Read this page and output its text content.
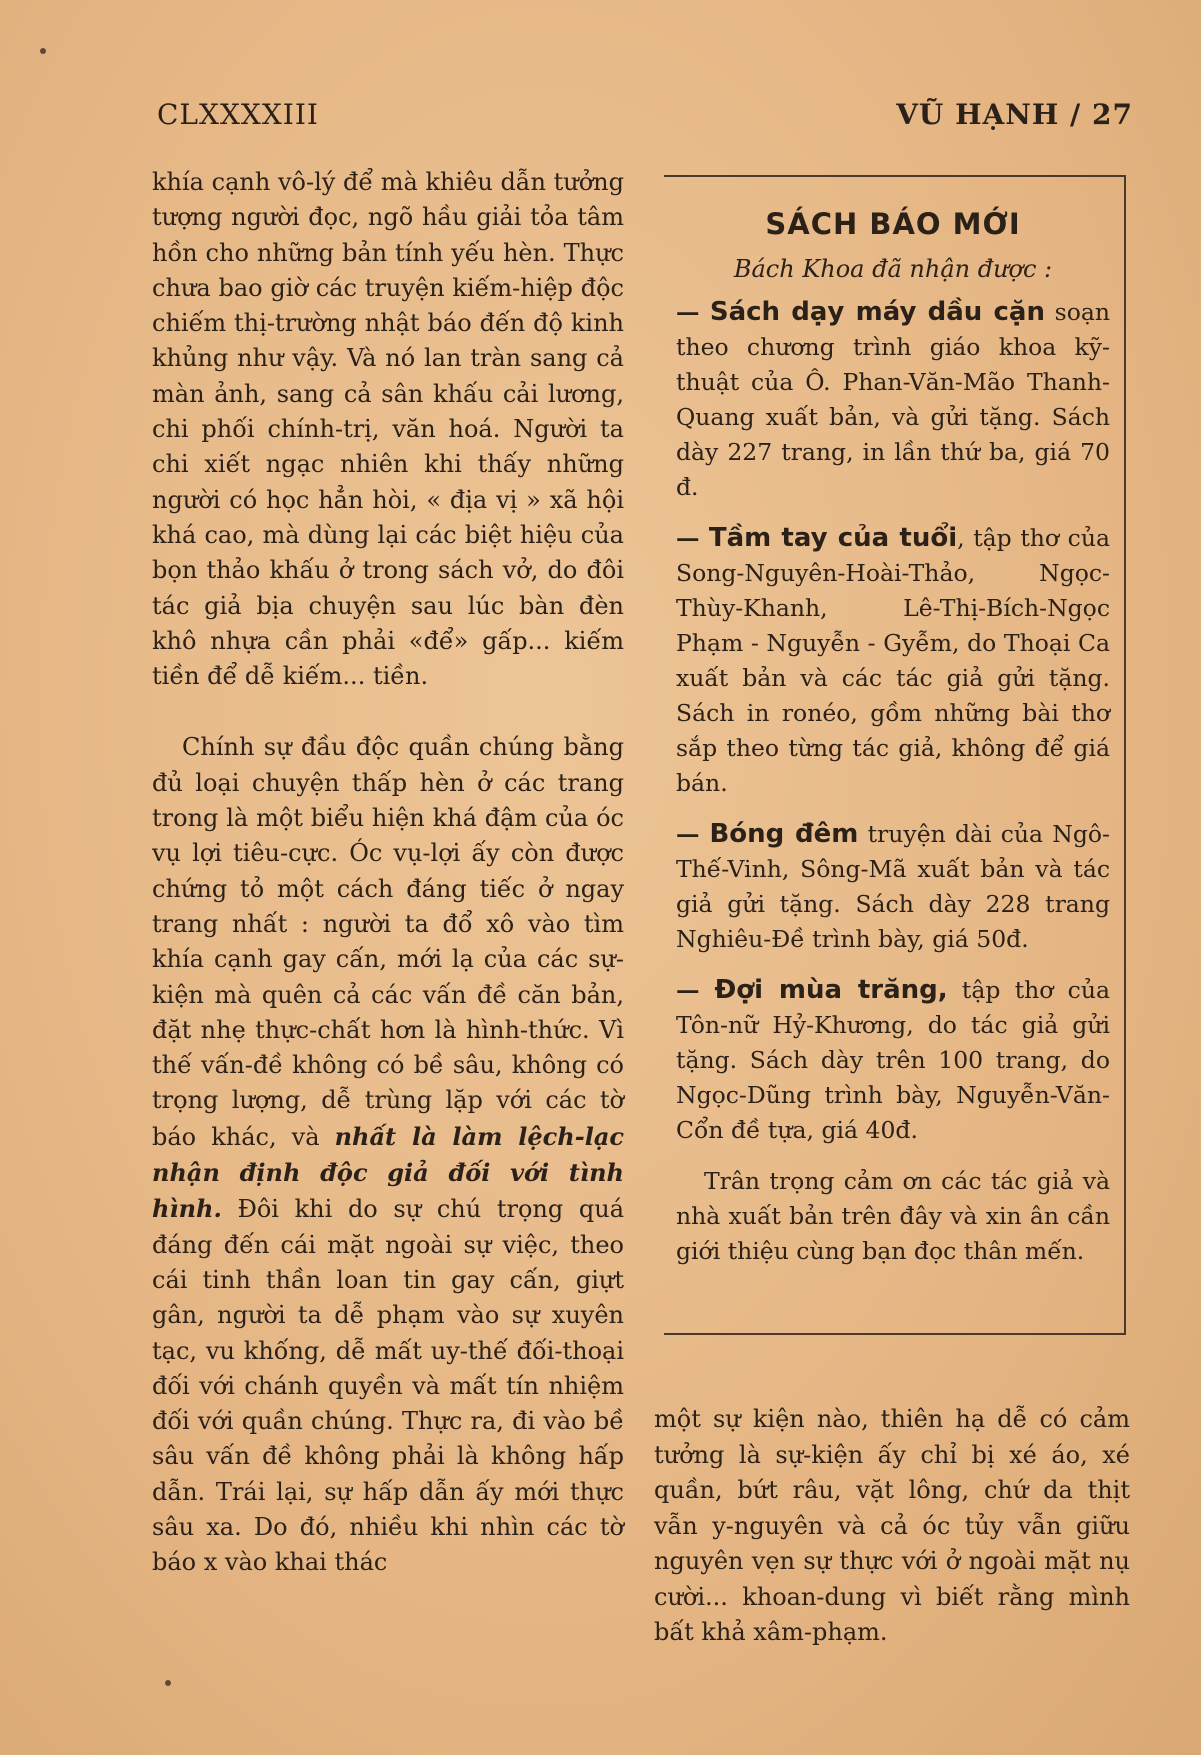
CLXXXXIII	VŨ HẠNH / 27

khía cạnh vô-lý để mà khiêu dẫn tưởng tượng người đọc, ngõ hầu giải tỏa tâm hồn cho những bản tính yếu hèn. Thực chưa bao giờ các truyện kiếm-hiệp độc chiếm thị-trường nhật báo đến độ kinh khủng như vậy. Và nó lan tràn sang cả màn ảnh, sang cả sân khấu cải lương, chi phối chính-trị, văn hoá. Người ta chi xiết ngạc nhiên khi thấy những người có học hẳn hòi, « địa vị » xã hội khá cao, mà dùng lại các biệt hiệu của bọn thảo khấu ở trong sách vở, do đôi tác giả bịa chuyện sau lúc bàn đèn khô nhựa cần phải «để» gấp... kiếm tiền để dễ kiếm... tiền.

Chính sự đầu độc quần chúng bằng đủ loại chuyện thấp hèn ở các trang trong là một biểu hiện khá đậm của óc vụ lợi tiêu-cực. Óc vụ-lợi ấy còn được chứng tỏ một cách đáng tiếc ở ngay trang nhất : người ta đổ xô vào tìm khía cạnh gay cấn, mới lạ của các sự-kiện mà quên cả các vấn đề căn bản, đặt nhẹ thực-chất hơn là hình-thức. Vì thế vấn-đề không có bề sâu, không có trọng lượng, dễ trùng lặp với các tờ báo khác, và nhất là làm lệch-lạc nhận định độc giả đối với tình hình. Đôi khi do sự chú trọng quá đáng đến cái mặt ngoài sự việc, theo cái tinh thần loan tin gay cấn, giựt gân, người ta dễ phạm vào sự xuyên tạc, vu khống, dễ mất uy-thế đối-thoại đối với chánh quyền và mất tín nhiệm đối với quần chúng. Thực ra, đi vào bề sâu vấn đề không phải là không hấp dẫn. Trái lại, sự hấp dẫn ấy mới thực sâu xa. Do đó, nhiều khi nhìn các tờ báo x vào khai thác

SÁCH BÁO MỚI
Bách Khoa đã nhận được :

— Sách dạy máy dầu cặn soạn theo chương trình giáo khoa kỹ-thuật của Ô. Phan-Văn-Mão Thanh-Quang xuất bản, và gửi tặng. Sách dày 227 trang, in lần thứ ba, giá 70 đ.

— Tầm tay của tuổi, tập thơ của Song-Nguyên-Hoài-Thảo, Ngọc-Thùy-Khanh, Lê-Thị-Bích-Ngọc Phạm - Nguyễn - Gyễm, do Thoại Ca xuất bản và các tác giả gửi tặng. Sách in ronéo, gồm những bài thơ sắp theo từng tác giả, không để giá bán.

— Bóng đêm truyện dài của Ngô-Thế-Vinh, Sông-Mã xuất bản và tác giả gửi tặng. Sách dày 228 trang Nghiêu-Đề trình bày, giá 50đ.

— Đợi mùa trăng, tập thơ của Tôn-nữ Hỷ-Khương, do tác giả gửi tặng. Sách dày trên 100 trang, do Ngọc-Dũng trình bày, Nguyễn-Văn-Cổn đề tựa, giá 40đ.

Trân trọng cảm ơn các tác giả và nhà xuất bản trên đây và xin ân cần giới thiệu cùng bạn đọc thân mến.

một sự kiện nào, thiên hạ dễ có cảm tưởng là sự-kiện ấy chỉ bị xé áo, xé quần, bứt râu, vặt lông, chứ da thịt vẫn y-nguyên và cả óc tủy vẫn giữu nguyên vẹn sự thực với ở ngoài mặt nụ cười... khoan-dung vì biết rằng mình bất khả xâm-phạm.
